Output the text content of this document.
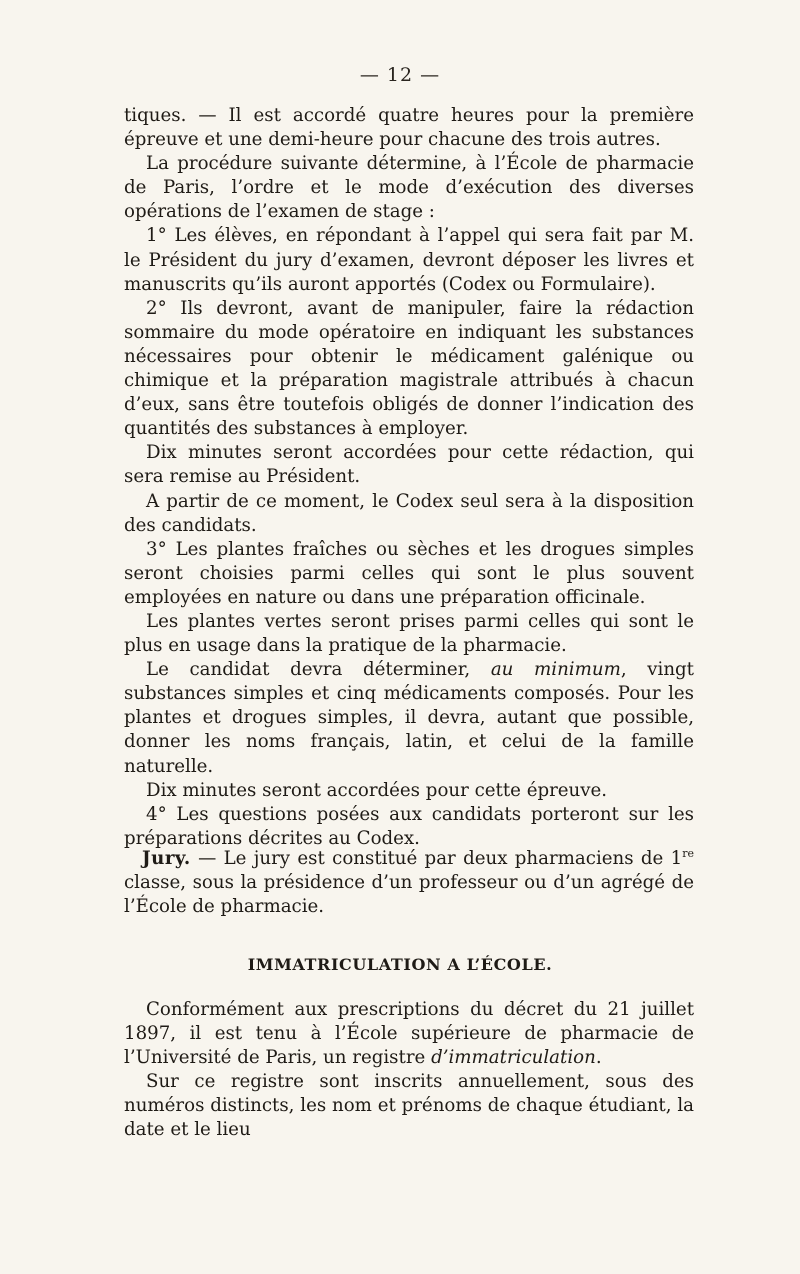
— 12 —

tiques. — Il est accordé quatre heures pour la première épreuve et une demi-heure pour chacune des trois autres.

La procédure suivante détermine, à l’École de pharmacie de Paris, l’ordre et le mode d’exécution des diverses opérations de l’examen de stage :

1° Les élèves, en répondant à l’appel qui sera fait par M. le Président du jury d’examen, devront déposer les livres et manuscrits qu’ils auront apportés (Codex ou Formulaire).

2° Ils devront, avant de manipuler, faire la rédaction sommaire du mode opératoire en indiquant les substances nécessaires pour obtenir le médicament galénique ou chimique et la préparation magistrale attribués à chacun d’eux, sans être toutefois obligés de donner l’indication des quantités des substances à employer.

Dix minutes seront accordées pour cette rédaction, qui sera remise au Président.

A partir de ce moment, le Codex seul sera à la disposition des candidats.

3° Les plantes fraîches ou sèches et les drogues simples seront choisies parmi celles qui sont le plus souvent employées en nature ou dans une préparation officinale.

Les plantes vertes seront prises parmi celles qui sont le plus en usage dans la pratique de la pharmacie.

Le candidat devra déterminer, au minimum, vingt substances simples et cinq médicaments composés. Pour les plantes et drogues simples, il devra, autant que possible, donner les noms français, latin, et celui de la famille naturelle.

Dix minutes seront accordées pour cette épreuve.

4° Les questions posées aux candidats porteront sur les préparations décrites au Codex.

Jury. — Le jury est constitué par deux pharmaciens de 1re classe, sous la présidence d’un professeur ou d’un agrégé de l’École de pharmacie.

IMMATRICULATION A L’ÉCOLE.

Conformément aux prescriptions du décret du 21 juillet 1897, il est tenu à l’École supérieure de pharmacie de l’Université de Paris, un registre d’immatriculation.

Sur ce registre sont inscrits annuellement, sous des numéros distincts, les nom et prénoms de chaque étudiant, la date et le lieu
